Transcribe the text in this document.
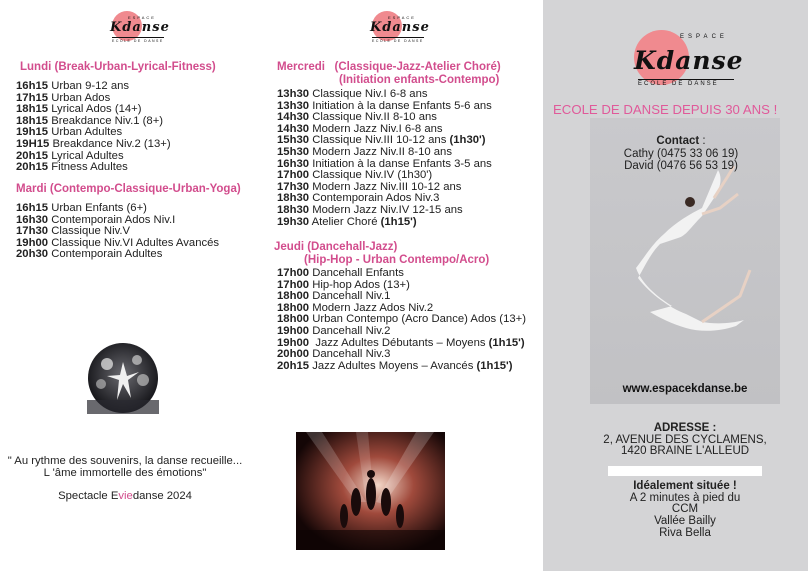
ESPACE
Kdanse
ECOLE DE DANSE
ESPACE
Kdanse
ECOLE DE DANSE
Lundi (Break-Urban-Lyrical-Fitness)
16h15 Urban 9-12 ans
17h15 Urban Ados
18h15 Lyrical Ados (14+)
18h15 Breakdance Niv.1 (8+)
19h15 Urban Adultes
19H15 Breakdance Niv.2 (13+)
20h15 Lyrical Adultes
20h15 Fitness Adultes
Mardi (Contempo-Classique-Urban-Yoga)
16h15 Urban Enfants (6+)
16h30 Contemporain Ados Niv.I
17h30 Classique Niv.V
19h00 Classique Niv.VI Adultes Avancés
20h30 Contemporain Adultes
Mercredi   (Classique-Jazz-Atelier Choré)
(Initiation enfants-Contempo)
13h30 Classique Niv.I 6-8 ans
13h30 Initiation à la danse Enfants 5-6 ans
14h30 Classique Niv.II 8-10 ans
14h30 Modern Jazz Niv.I 6-8 ans
15h30 Classique Niv.III 10-12 ans (1h30')
15h30 Modern Jazz Niv.II 8-10 ans
16h30 Initiation à la danse Enfants 3-5 ans
17h00 Classique Niv.IV (1h30')
17h30 Modern Jazz Niv.III 10-12 ans
18h30 Contemporain Ados Niv.3
18h30 Modern Jazz Niv.IV 12-15 ans
19h30 Atelier Choré (1h15')
Jeudi (Dancehall-Jazz)
(Hip-Hop - Urban Contempo/Acro)
17h00 Dancehall Enfants
17h00 Hip-hop Ados (13+)
18h00 Dancehall Niv.1
18h00 Modern Jazz Ados Niv.2
18h00 Urban Contempo (Acro Dance) Ados (13+)
19h00 Dancehall Niv.2
19h00  Jazz Adultes Débutants – Moyens (1h15')
20h00 Dancehall Niv.3
20h15 Jazz Adultes Moyens – Avancés (1h15')
" Au rythme des souvenirs, la danse recueille...
L 'âme immortelle des émotions"
Spectacle Eviedanse 2024
ESPACE
Kdanse
ECOLE DE DANSE
ECOLE DE DANSE DEPUIS 30 ANS !
Contact :
Cathy (0475 33 06 19)
David (0476 56 53 19)
www.espacekdanse.be
ADRESSE :
2, AVENUE DES CYCLAMENS,
1420 BRAINE L'ALLEUD
Idéalement située !
A 2 minutes à pied du
CCM
Vallée Bailly
Riva Bella
